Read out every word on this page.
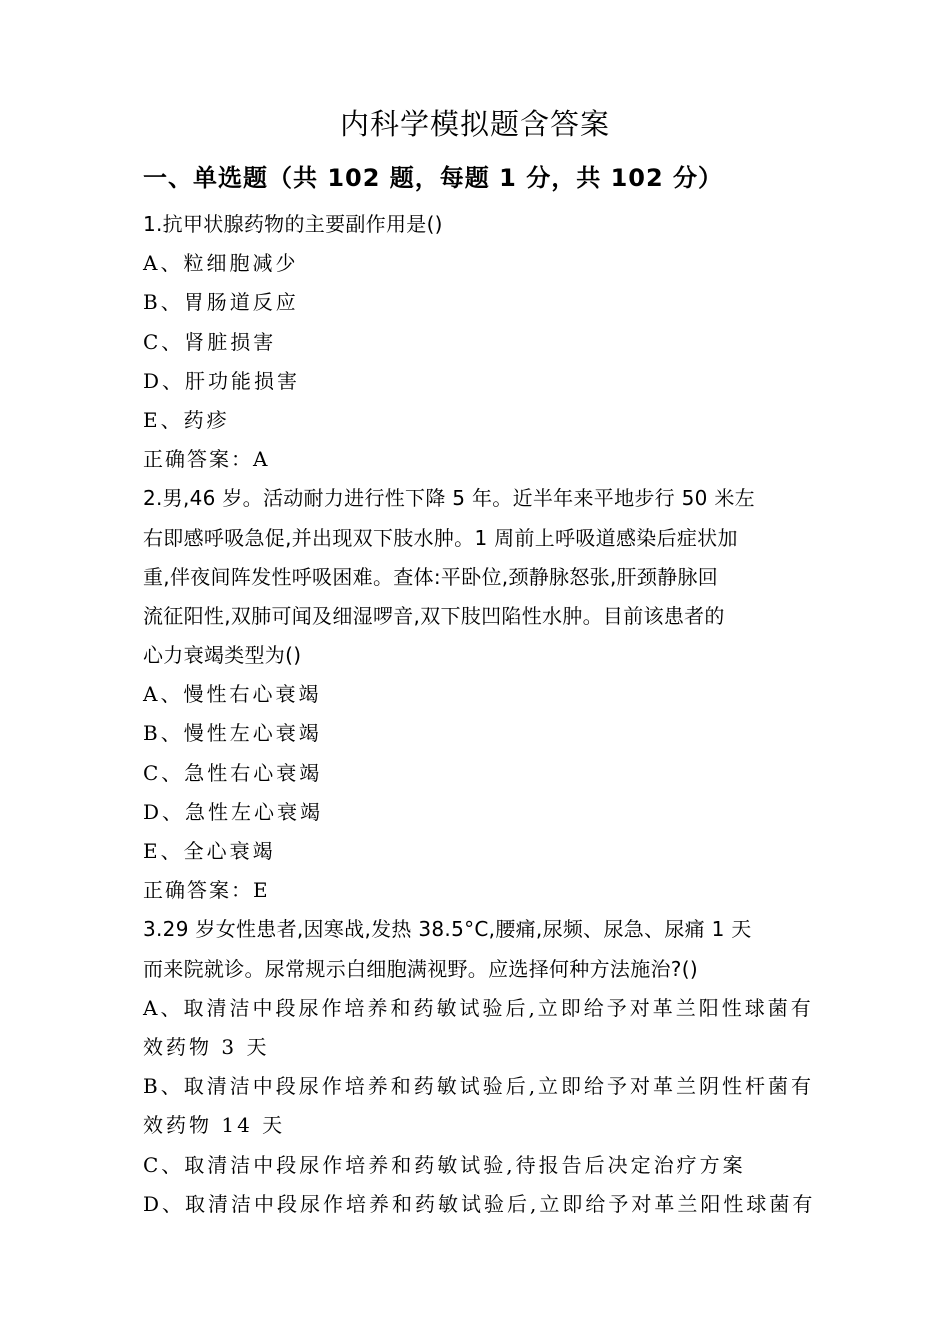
内科学模拟题含答案
一、单选题（共 102 题，每题 1 分，共 102 分）
1.抗甲状腺药物的主要副作用是()
A、粒细胞减少
B、胃肠道反应
C、肾脏损害
D、肝功能损害
E、药疹
正确答案：A
2.男,46 岁。活动耐力进行性下降 5 年。近半年来平地步行 50 米左
右即感呼吸急促,并出现双下肢水肿。1 周前上呼吸道感染后症状加
重,伴夜间阵发性呼吸困难。查体:平卧位,颈静脉怒张,肝颈静脉回
流征阳性,双肺可闻及细湿啰音,双下肢凹陷性水肿。目前该患者的
心力衰竭类型为()
A、慢性右心衰竭
B、慢性左心衰竭
C、急性右心衰竭
D、急性左心衰竭
E、全心衰竭
正确答案：E
3.29 岁女性患者,因寒战,发热 38.5°C,腰痛,尿频、尿急、尿痛 1 天
而来院就诊。尿常规示白细胞满视野。应选择何种方法施治?()
A、取清洁中段尿作培养和药敏试验后,立即给予对革兰阳性球菌有
效药物 3 天
B、取清洁中段尿作培养和药敏试验后,立即给予对革兰阴性杆菌有
效药物 14 天
C、取清洁中段尿作培养和药敏试验,待报告后决定治疗方案
D、取清洁中段尿作培养和药敏试验后,立即给予对革兰阳性球菌有
